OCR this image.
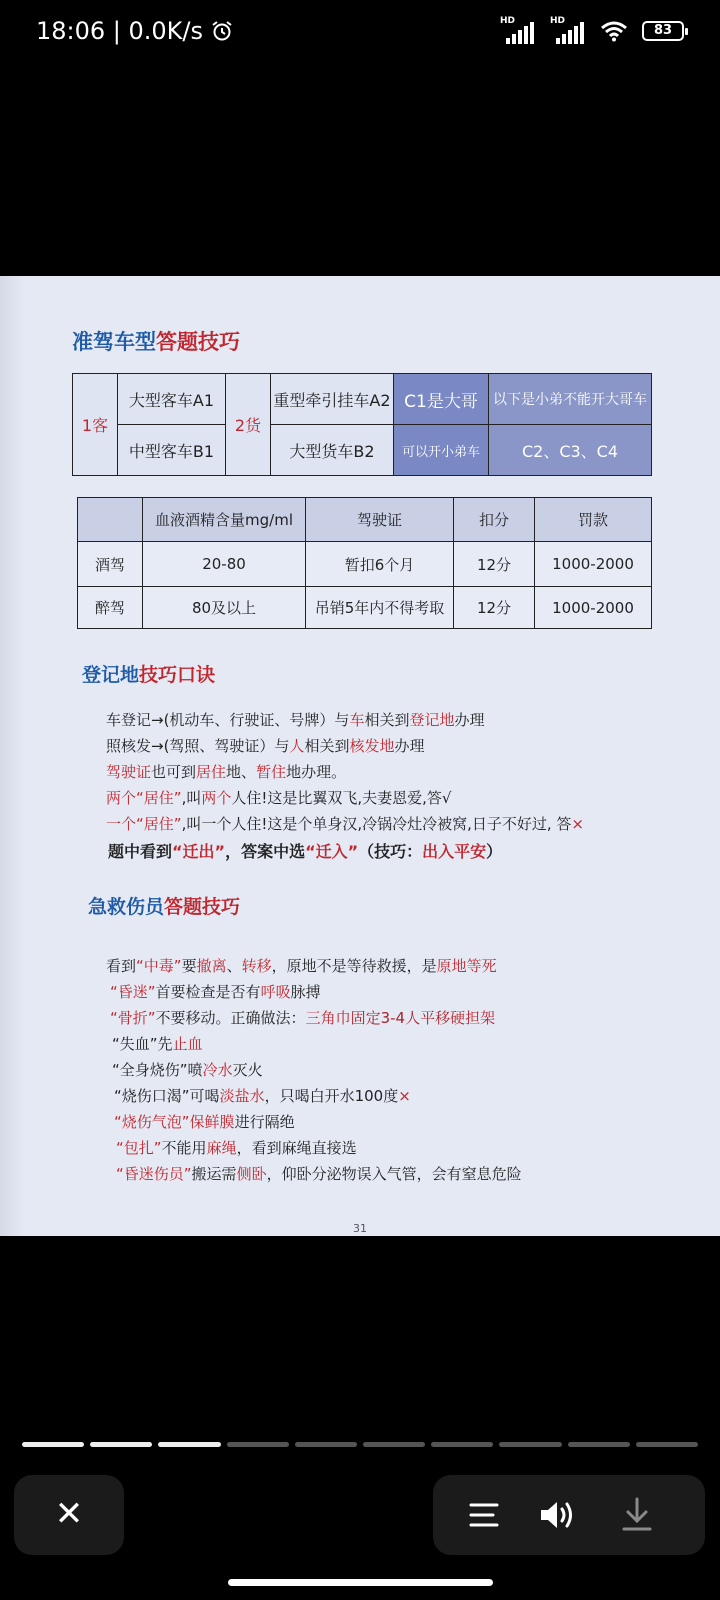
18:06 | 0.0K/s	HD	HD
83
准驾车型答题技巧
1客	大型客车A1	2货	重型牵引挂车A2	C1是大哥	以下是小弟不能开大哥车
	中型客车B1		大型货车B2	可以开小弟车	C2、C3、C4
	血液酒精含量mg/ml	驾驶证	扣分	罚款
酒驾	20-80	暂扣6个月	12分	1000-2000
醉驾	80及以上	吊销5年内不得考取	12分	1000-2000
登记地技巧口诀
车登记→(机动车、行驶证、号牌）与车相关到登记地办理
照核发→(驾照、驾驶证）与人相关到核发地办理
驾驶证也可到居住地、暂住地办理。
两个“居住”,叫两个人住!这是比翼双飞,夫妻恩爱,答√
一个“居住”,叫一个人住!这是个单身汉,冷锅冷灶冷被窝,日子不好过, 答×
题中看到“迁出”，答案中选“迁入”（技巧：出入平安）
急救伤员答题技巧
看到“中毒”要撤离、转移，原地不是等待救援，是原地等死
“昏迷”首要检查是否有呼吸脉搏
“骨折”不要移动。正确做法：三角巾固定3-4人平移硬担架
“失血”先止血
“全身烧伤”喷冷水灭火
“烧伤口渴”可喝淡盐水，只喝白开水100度×
“烧伤气泡”保鲜膜进行隔绝
“包扎”不能用麻绳，看到麻绳直接选
“昏迷伤员”搬运需侧卧，仰卧分泌物误入气管，会有窒息危险
31
✕
